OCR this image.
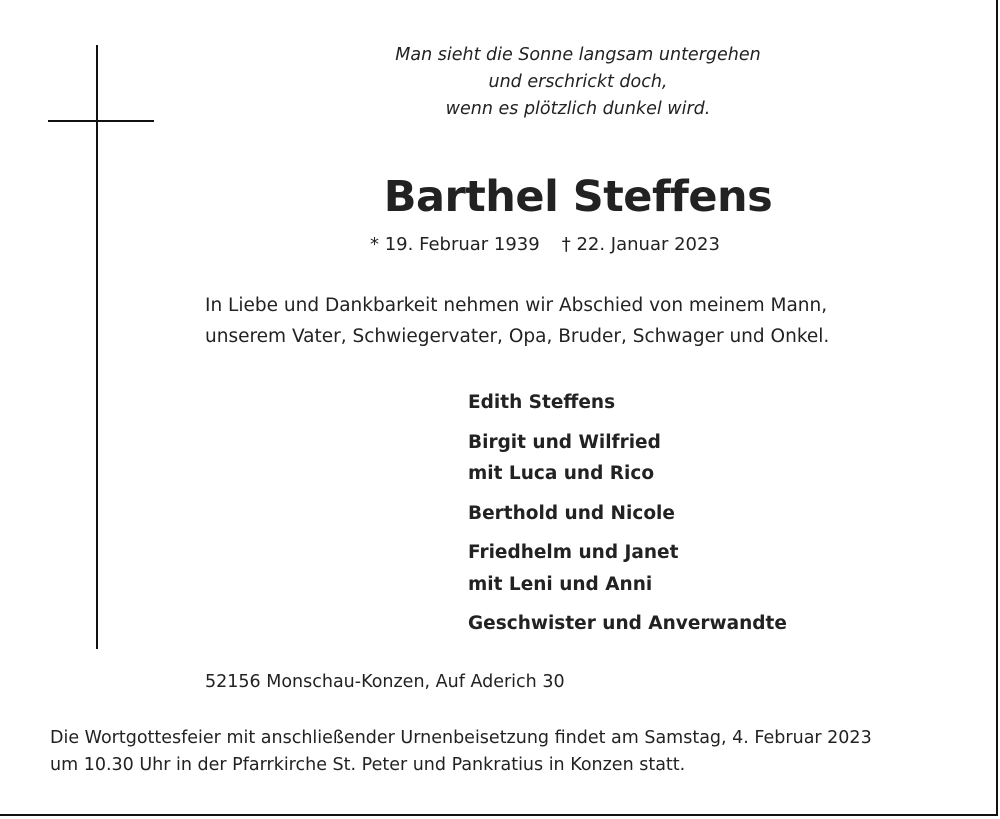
Man sieht die Sonne langsam untergehen
und erschrickt doch,
wenn es plötzlich dunkel wird.
Barthel Steffens
* 19. Februar 1939 † 22. Januar 2023
In Liebe und Dankbarkeit nehmen wir Abschied von meinem Mann,
unserem Vater, Schwiegervater, Opa, Bruder, Schwager und Onkel.
Edith Steffens
Birgit und Wilfried
mit Luca und Rico
Berthold und Nicole
Friedhelm und Janet
mit Leni und Anni
Geschwister und Anverwandte
52156 Monschau-Konzen, Auf Aderich 30
Die Wortgottesfeier mit anschließender Urnenbeisetzung findet am Samstag, 4. Februar 2023
um 10.30 Uhr in der Pfarrkirche St. Peter und Pankratius in Konzen statt.
